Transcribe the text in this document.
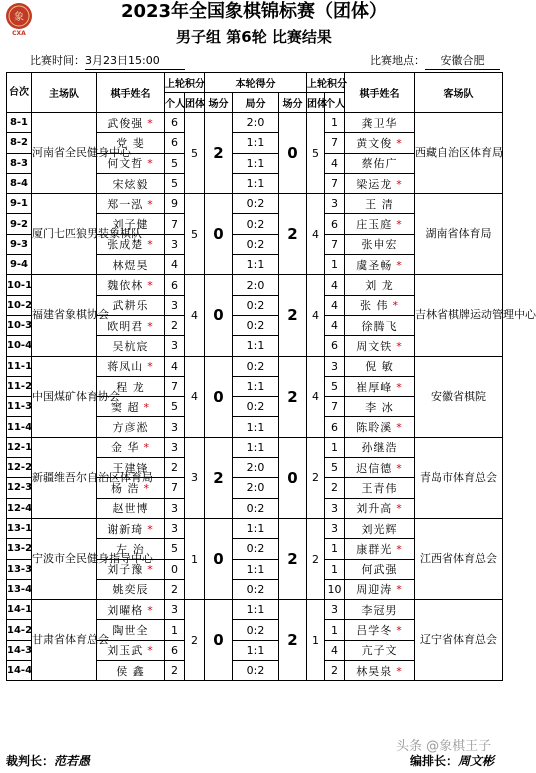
象
CXA
2023年全国象棋锦标赛（团体）
男子组 第6轮 比赛结果
比赛时间：3月23日15:00	比赛地点： 安徽合肥
台次	主场队	棋手姓名	上轮积分		本轮得分			上轮积分		棋手姓名	客场队
			个人	团体	场分	局分	场分	团体	个人		
8-1	河南省全民健身中心	武俊强 *	6	5	2	2:0	0	5	1	龚卫华	西藏自治区体育局
8-2		党 斐	6			1:1			7	黄文俊 *	
8-3		何文哲 *	5			1:1			4	蔡佑广	
8-4		宋炫毅	5			1:1			7	梁运龙 *	
9-1	厦门七匹狼男装象棋队	郑一泓 *	9	5	0	0:2	2	4	3	王 清	湖南省体育局
9-2		刘子健	7			0:2			6	庄玉庭 *	
9-3		张成楚 *	3			0:2			7	张申宏	
9-4		林煜昊	4			1:1			1	虞圣畅 *	
10-1	福建省象棋协会	魏依林 *	6	4	0	2:0	2	4	4	刘 龙	吉林省棋牌运动管理中心
10-2		武耕乐	3			0:2			4	张 伟 *	
10-3		欧明君 *	2			0:2			4	徐腾飞	
10-4		吴杭宸	3			1:1			6	周文铁 *	
11-1	中国煤矿体育协会	蒋凤山 *	4	4	0	0:2	2	4	3	倪 敏	安徽省棋院
11-2		程 龙	7			1:1			5	崔厚峰 *	
11-3		窦 超 *	5			0:2			7	李 冰	
11-4		方彦淞	3			1:1			6	陈聆溪 *	
12-1	新疆维吾尔自治区体育局	金 华 *	3	3	2	1:1	0	2	1	孙继浩	青岛市体育总会
12-2		王建锋	2			2:0			5	迟信德 *	
12-3		杨 浩 *	7			2:0			2	王青伟	
12-4		赵世博	3			0:2			3	刘升高 *	
13-1	宁波市全民健身指导中心	谢新琦 *	3	1	0	1:1	2	2	3	刘光辉	江西省体育总会
13-2		左 治	5			0:2			1	康群光 *	
13-3		刘子豫 *	0			1:1			1	何武强	
13-4		姚奕辰	2			0:2			10	周迎涛 *	
14-1	甘肃省体育总会	刘曜格 *	3	2	0	1:1	2	1	3	李冠男	辽宁省体育总会
14-2		陶世全	1			0:2			1	吕学冬 *	
14-3		刘玉武 *	6			1:1			4	亢子文	
14-4		侯 鑫	2			0:2			2	林昊泉 *	
裁判长：范若愚	编排长：周文彬
头条 @象棋王子
